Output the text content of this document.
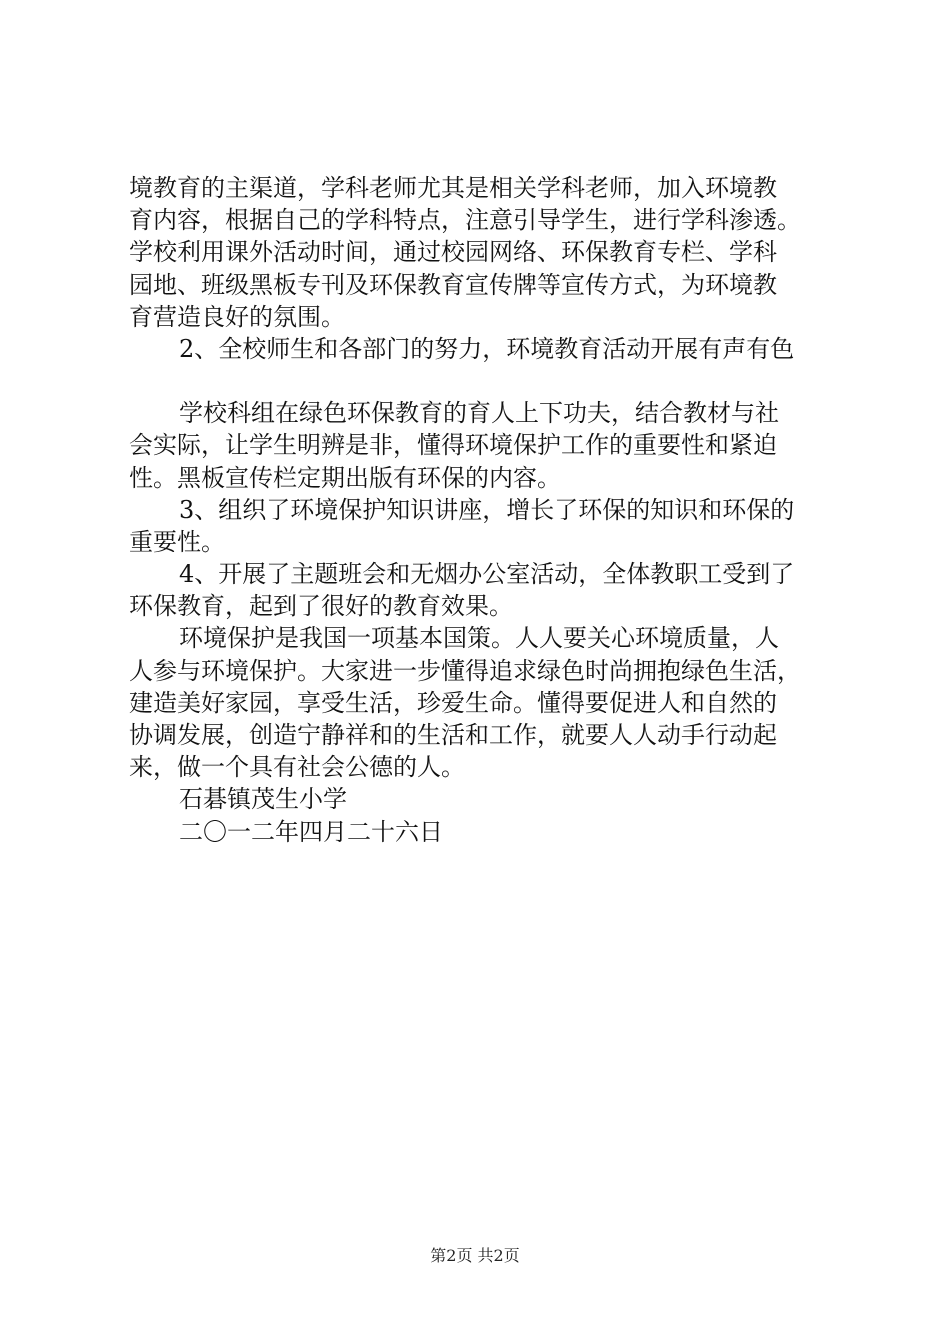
境教育的主渠道，学科老师尤其是相关学科老师，加入环境教
育内容，根据自己的学科特点，注意引导学生，进行学科渗透。
学校利用课外活动时间，通过校园网络、环保教育专栏、学科
园地、班级黑板专刊及环保教育宣传牌等宣传方式，为环境教
育营造良好的氛围。
2、全校师生和各部门的努力，环境教育活动开展有声有色
学校科组在绿色环保教育的育人上下功夫，结合教材与社
会实际，让学生明辨是非，懂得环境保护工作的重要性和紧迫
性。黑板宣传栏定期出版有环保的内容。
3、组织了环境保护知识讲座，增长了环保的知识和环保的
重要性。
4、开展了主题班会和无烟办公室活动，全体教职工受到了
环保教育，起到了很好的教育效果。
环境保护是我国一项基本国策。人人要关心环境质量，人
人参与环境保护。大家进一步懂得追求绿色时尚拥抱绿色生活，
建造美好家园，享受生活，珍爱生命。懂得要促进人和自然的
协调发展，创造宁静祥和的生活和工作，就要人人动手行动起
来，做一个具有社会公德的人。
石碁镇茂生小学
二〇一二年四月二十六日
第2页 共2页
